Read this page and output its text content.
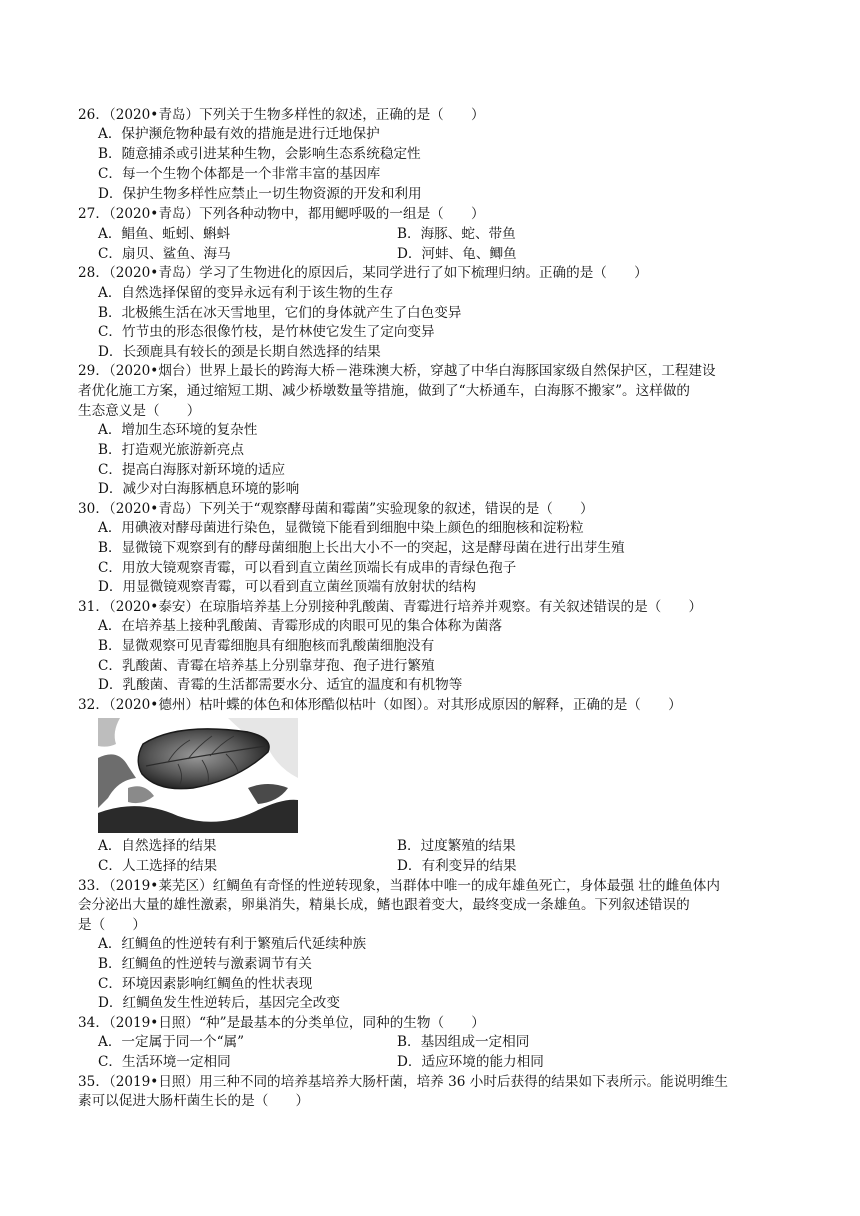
26．（2020•青岛）下列关于生物多样性的叙述，正确的是（　　）
A．保护濒危物种最有效的措施是进行迁地保护
B．随意捕杀或引进某种生物，会影响生态系统稳定性
C．每一个生物个体都是一个非常丰富的基因库
D．保护生物多样性应禁止一切生物资源的开发和利用
27．（2020•青岛）下列各种动物中，都用鳃呼吸的一组是（　　）
A．鲳鱼、蚯蚓、蝌蚪	B．海豚、蛇、带鱼
C．扇贝、鲨鱼、海马	D．河蚌、龟、鲫鱼
28．（2020•青岛）学习了生物进化的原因后，某同学进行了如下梳理归纳。正确的是（　　）
A．自然选择保留的变异永远有利于该生物的生存
B．北极熊生活在冰天雪地里，它们的身体就产生了白色变异
C．竹节虫的形态很像竹枝，是竹林使它发生了定向变异
D．长颈鹿具有较长的颈是长期自然选择的结果
29．（2020•烟台）世界上最长的跨海大桥－港珠澳大桥，穿越了中华白海豚国家级自然保护区，工程建设
者优化施工方案，通过缩短工期、减少桥墩数量等措施，做到了“大桥通车，白海豚不搬家”。这样做的
生态意义是（　　）
A．增加生态环境的复杂性
B．打造观光旅游新亮点
C．提高白海豚对新环境的适应
D．减少对白海豚栖息环境的影响
30．（2020•青岛）下列关于“观察酵母菌和霉菌”实验现象的叙述，错误的是（　　）
A．用碘液对酵母菌进行染色，显微镜下能看到细胞中染上颜色的细胞核和淀粉粒
B．显微镜下观察到有的酵母菌细胞上长出大小不一的突起，这是酵母菌在进行出芽生殖
C．用放大镜观察青霉，可以看到直立菌丝顶端长有成串的青绿色孢子
D．用显微镜观察青霉，可以看到直立菌丝顶端有放射状的结构
31．（2020•泰安）在琼脂培养基上分别接种乳酸菌、青霉进行培养并观察。有关叙述错误的是（　　）
A．在培养基上接种乳酸菌、青霉形成的肉眼可见的集合体称为菌落
B．显微观察可见青霉细胞具有细胞核而乳酸菌细胞没有
C．乳酸菌、青霉在培养基上分别靠芽孢、孢子进行繁殖
D．乳酸菌、青霉的生活都需要水分、适宜的温度和有机物等
32．（2020•德州）枯叶蝶的体色和体形酷似枯叶（如图）。对其形成原因的解释，正确的是（　　）
A．自然选择的结果	B．过度繁殖的结果
C．人工选择的结果	D．有利变异的结果
33．（2019•莱芜区）红鲷鱼有奇怪的性逆转现象，当群体中唯一的成年雄鱼死亡，身体最强 壮的雌鱼体内
会分泌出大量的雄性激素，卵巢消失，精巢长成，鳍也跟着变大，最终变成一条雄鱼。下列叙述错误的
是（　　）
A．红鲷鱼的性逆转有利于繁殖后代延续种族
B．红鲷鱼的性逆转与激素调节有关
C．环境因素影响红鲷鱼的性状表现
D．红鲷鱼发生性逆转后，基因完全改变
34．（2019•日照）“种”是最基本的分类单位，同种的生物（　　）
A．一定属于同一个“属”	B．基因组成一定相同
C．生活环境一定相同	D．适应环境的能力相同
35．（2019•日照）用三种不同的培养基培养大肠杆菌，培养 36 小时后获得的结果如下表所示。能说明维生
素可以促进大肠杆菌生长的是（　　）
